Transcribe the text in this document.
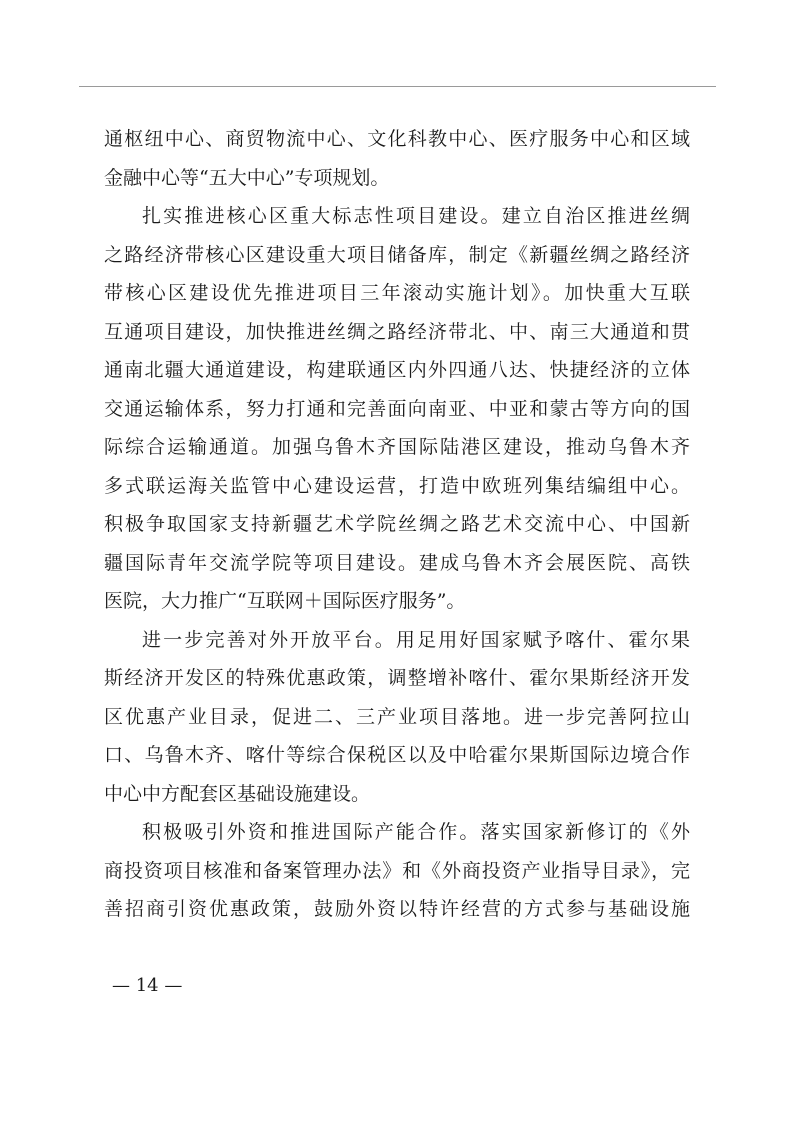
通枢纽中心、商贸物流中心、文化科教中心、医疗服务中心和区域
金融中心等“五大中心”专项规划。
扎实推进核心区重大标志性项目建设。建立自治区推进丝绸
之路经济带核心区建设重大项目储备库，制定《新疆丝绸之路经济
带核心区建设优先推进项目三年滚动实施计划》。加快重大互联
互通项目建设，加快推进丝绸之路经济带北、中、南三大通道和贯
通南北疆大通道建设，构建联通区内外四通八达、快捷经济的立体
交通运输体系，努力打通和完善面向南亚、中亚和蒙古等方向的国
际综合运输通道。加强乌鲁木齐国际陆港区建设，推动乌鲁木齐
多式联运海关监管中心建设运营，打造中欧班列集结编组中心。
积极争取国家支持新疆艺术学院丝绸之路艺术交流中心、中国新
疆国际青年交流学院等项目建设。建成乌鲁木齐会展医院、高铁
医院，大力推广“互联网＋国际医疗服务”。
进一步完善对外开放平台。用足用好国家赋予喀什、霍尔果
斯经济开发区的特殊优惠政策，调整增补喀什、霍尔果斯经济开发
区优惠产业目录，促进二、三产业项目落地。进一步完善阿拉山
口、乌鲁木齐、喀什等综合保税区以及中哈霍尔果斯国际边境合作
中心中方配套区基础设施建设。
积极吸引外资和推进国际产能合作。落实国家新修订的《外
商投资项目核准和备案管理办法》和《外商投资产业指导目录》，完
善招商引资优惠政策，鼓励外资以特许经营的方式参与基础设施
— 14 —
